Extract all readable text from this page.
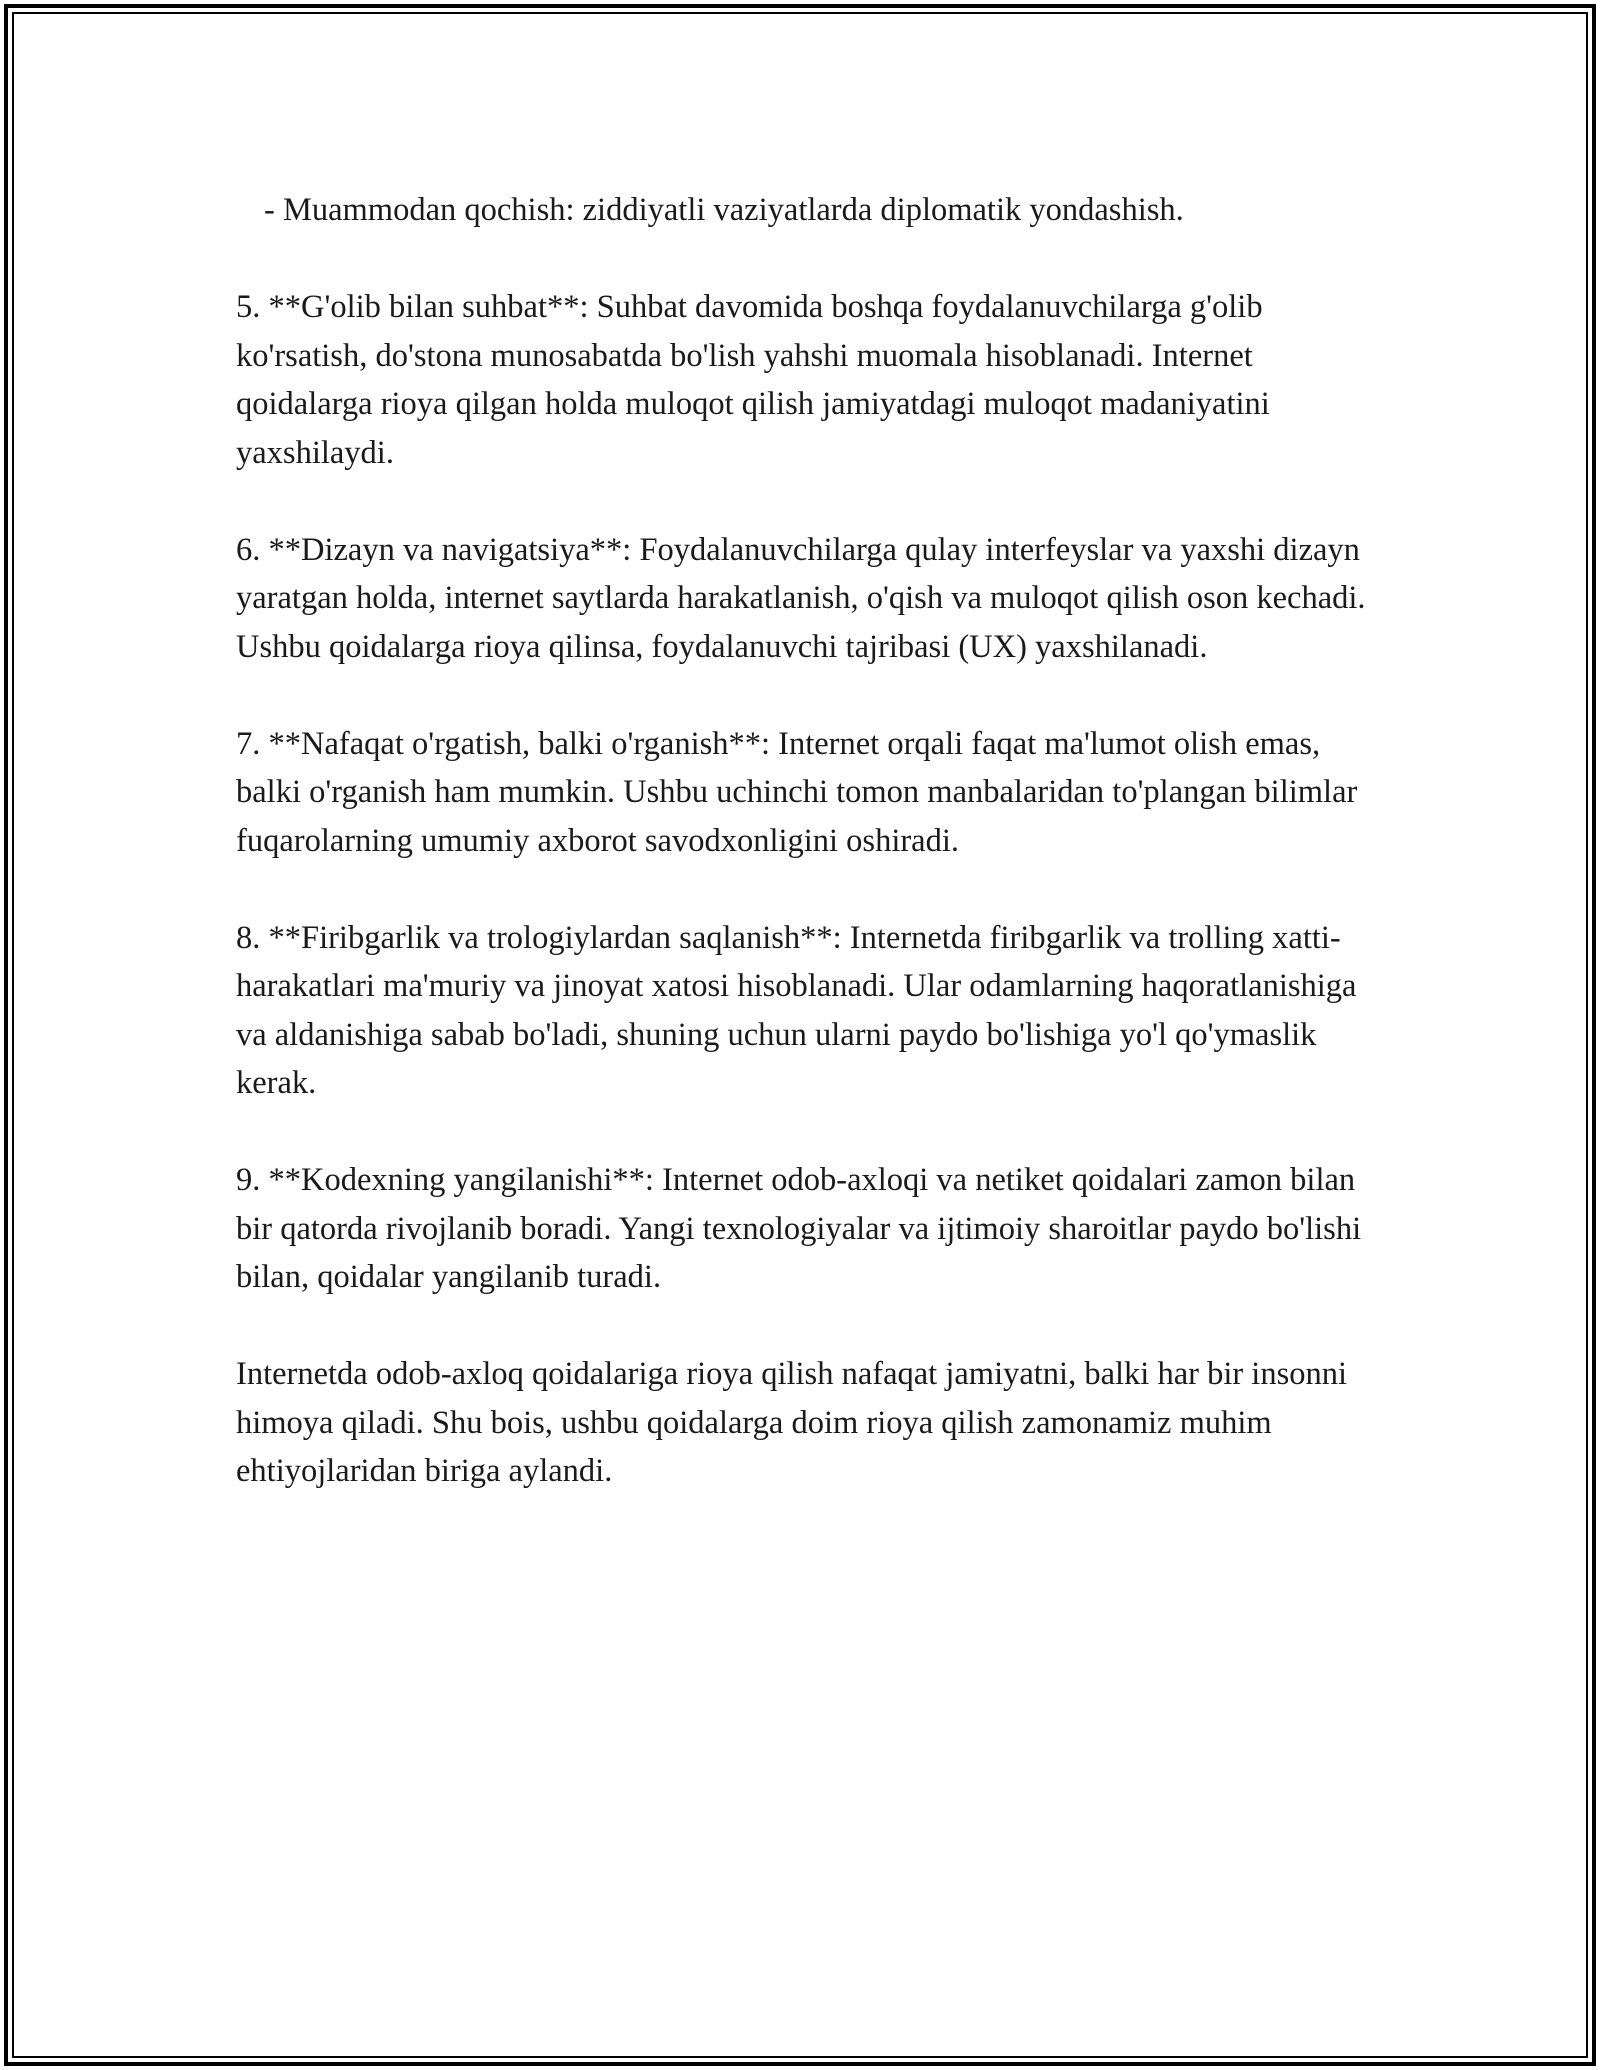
- Muammodan qochish: ziddiyatli vaziyatlarda diplomatik yondashish.

5. **G'olib bilan suhbat**: Suhbat davomida boshqa foydalanuvchilarga g'olib ko'rsatish, do'stona munosabatda bo'lish yahshi muomala hisoblanadi. Internet qoidalarga rioya qilgan holda muloqot qilish jamiyatdagi muloqot madaniyatini yaxshilaydi.

6. **Dizayn va navigatsiya**: Foydalanuvchilarga qulay interfeyslar va yaxshi dizayn yaratgan holda, internet saytlarda harakatlanish, o'qish va muloqot qilish oson kechadi. Ushbu qoidalarga rioya qilinsa, foydalanuvchi tajribasi (UX) yaxshilanadi.

7. **Nafaqat o'rgatish, balki o'rganish**: Internet orqali faqat ma'lumot olish emas, balki o'rganish ham mumkin. Ushbu uchinchi tomon manbalaridan to'plangan bilimlar fuqarolarning umumiy axborot savodxonligini oshiradi.

8. **Firibgarlik va trologiylardan saqlanish**: Internetda firibgarlik va trolling xatti-harakatlari ma'muriy va jinoyat xatosi hisoblanadi. Ular odamlarning haqoratlanishiga va aldanishiga sabab bo'ladi, shuning uchun ularni paydo bo'lishiga yo'l qo'ymaslik kerak.

9. **Kodexning yangilanishi**: Internet odob-axloqi va netiket qoidalari zamon bilan bir qatorda rivojlanib boradi. Yangi texnologiyalar va ijtimoiy sharoitlar paydo bo'lishi bilan, qoidalar yangilanib turadi.

Internetda odob-axloq qoidalariga rioya qilish nafaqat jamiyatni, balki har bir insonni himoya qiladi. Shu bois, ushbu qoidalarga doim rioya qilish zamonamiz muhim ehtiyojlaridan biriga aylandi.
